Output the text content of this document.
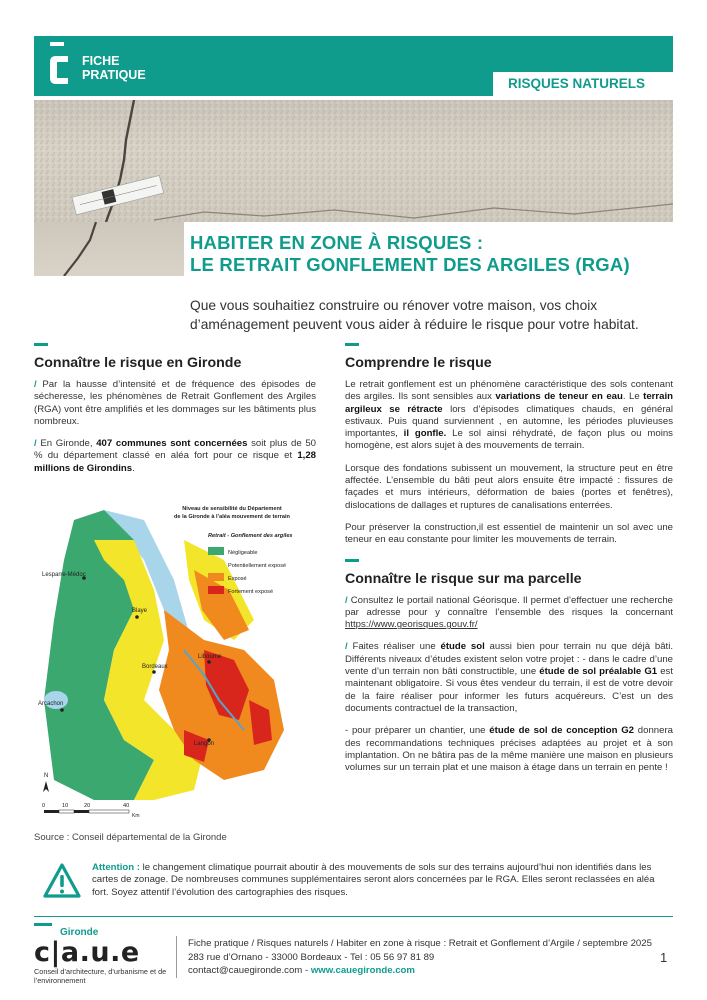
FICHE
PRATIQUE
RISQUES NATURELS
HABITER EN ZONE À RISQUES :
LE RETRAIT GONFLEMENT DES ARGILES (RGA)
Que vous souhaitiez construire ou rénover votre maison, vos choix d’aménagement peuvent vous aider à réduire le risque pour votre habitat.
Connaître le risque en Gironde

/ Par la hausse d’intensité et de fréquence des épisodes de sécheresse, les phénomènes de Retrait Gonflement des Argiles (RGA) vont être amplifiés et les dommages sur les bâtiments plus nombreux.

/ En Gironde, 407 communes sont concernées soit plus de 50 % du département classé en aléa fort pour ce risque et 1,28 millions de Girondins.

Lesparre-Médoc
Blaye
Bordeaux
Libourne
Arcachon
Langon
Niveau de sensibilité du Département
de la Gironde à l’aléa mouvement de terrain
Retrait - Gonflement des argiles
Négligeable
Potentiellement exposé
Exposé
Fortement exposé
N
0	10	20	40
Km
Source : Conseil départemental de la Gironde
Comprendre le risque

Le retrait gonflement est un phénomène caractéristique des sols contenant des argiles. Ils sont sensibles aux variations de teneur en eau. Le terrain argileux se rétracte lors d’épisodes climatiques chauds, en général estivaux. Puis quand surviennent , en automne, les périodes pluvieuses importantes, il gonfle. Le sol ainsi réhydraté, de façon plus ou moins homogène, est alors sujet à des mouvements de terrain.

Lorsque des fondations subissent un mouvement, la structure peut en être affectée. L’ensemble du bâti peut alors ensuite être impacté : fissures de façades et murs intérieurs, déformation de baies (portes et fenêtres), dislocations de dallages et ruptures de canalisations enterrées.

Pour préserver la construction,il est essentiel de maintenir un sol avec une teneur en eau constante pour limiter les mouvements de terrain.

Connaître le risque sur ma parcelle

/ Consultez le portail national Géorisque. Il permet d’effectuer une recherche par adresse pour y connaître l’ensemble des risques la concernant https://www.georisques.gouv.fr/

/ Faites réaliser une étude sol aussi bien pour terrain nu que déjà bâti. Différents niveaux d’études existent selon votre projet : - dans le cadre d’une vente d’un terrain non bâti constructible, une étude de sol préalable G1 est maintenant obligatoire. Si vous êtes vendeur du terrain, il est de votre devoir de la faire réaliser pour informer les futurs acquéreurs. C’est un des documents contractuel de la transaction,

- pour préparer un chantier, une étude de sol de conception G2 donnera des recommandations techniques précises adaptées au projet et à son implantation. On ne bâtira pas de la même manière une maison en plusieurs volumes sur un terrain plat et une maison à étage dans un terrain en pente !

Attention : le changement climatique pourrait aboutir à des mouvements de sols sur des terrains aujourd’hui non identifiés dans les cartes de zonage. De nombreuses communes supplémentaires seront alors concernées par le RGA. Elles seront reclassées en aléa fort. Soyez attentif l’évolution des cartographies des risques.
Gironde
c|a.u.e
Conseil d’architecture, d’urbanisme et de l’environnement
Fiche pratique / Risques naturels / Habiter en zone à risque : Retrait et Gonflement d’Argile / septembre 2025
283 rue d’Ornano - 33000 Bordeaux - Tel : 05 56 97 81 89
contact@cauegironde.com - www.cauegironde.com
1
